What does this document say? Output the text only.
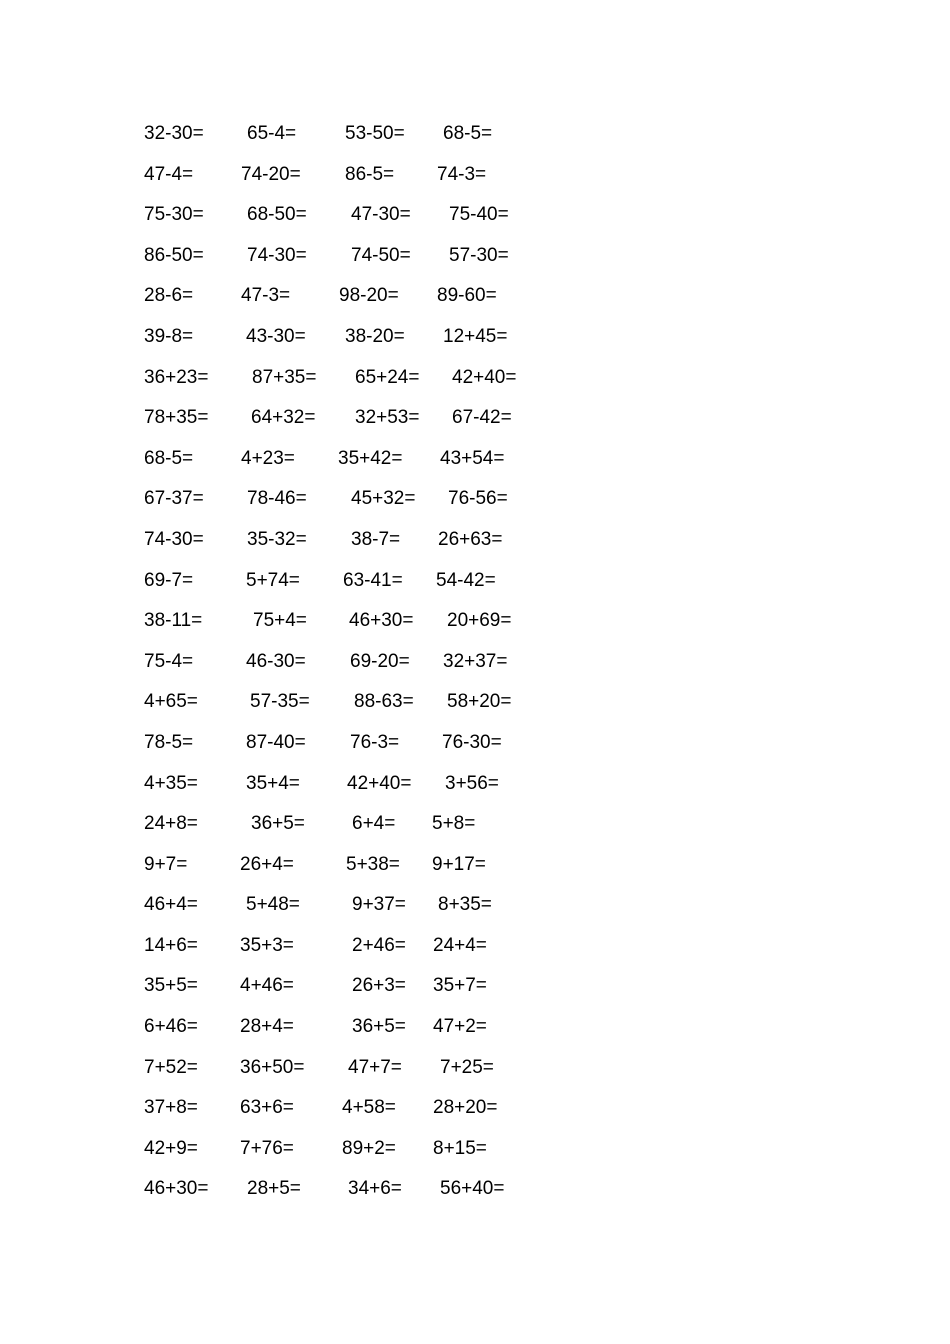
32-30= 65-4=	53-50= 68-5=
47-4=	74-20= 86-5= 74-3=
75-30= 68-50= 47-30= 75-40=
86-50= 74-30= 74-50= 57-30=
28-6=	47-3=	98-20= 89-60=
39-8=	43-30= 38-20= 12+45=
36+23= 87+35= 65+24= 42+40=
78+35= 64+32= 32+53= 67-42=
68-5=	4+23= 35+42= 43+54=
67-37= 78-46= 45+32= 76-56=
74-30= 35-32= 38-7= 26+63=
69-7=	5+74= 63-41= 54-42=
38-11=	75+4= 46+30= 20+69=
75-4=	46-30= 69-20= 32+37=
4+65=	57-35= 88-63= 58+20=
78-5=	87-40= 76-3= 76-30=
4+35=	35+4= 42+40= 3+56=
24+8=	36+5= 6+4= 5+8=
9+7=	26+4=	5+38= 9+17=
46+4=	5+48=	9+37= 8+35=
14+6= 35+3=	2+46= 24+4=
35+5= 4+46=	26+3= 35+7=
6+46= 28+4=	36+5= 47+2=
7+52= 36+50= 47+7= 7+25=
37+8= 63+6=	4+58= 28+20=
42+9= 7+76=	89+2= 8+15=
46+30= 28+5= 34+6= 56+40=
